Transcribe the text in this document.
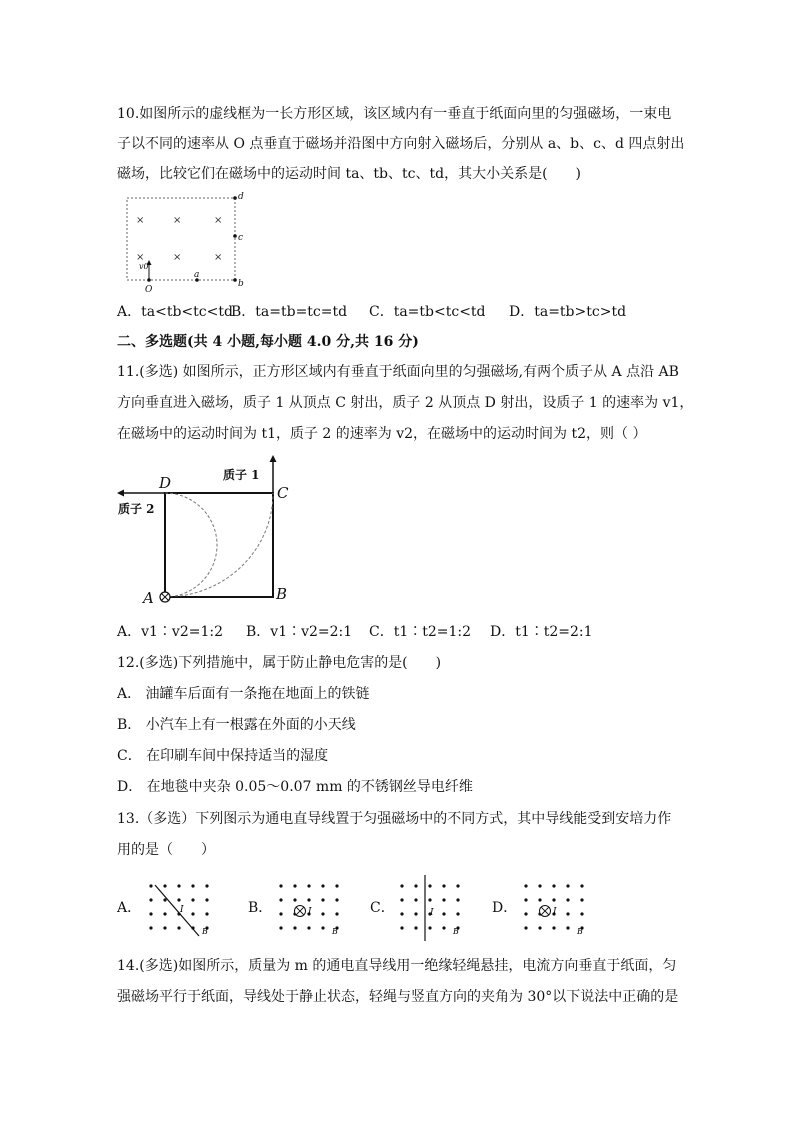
10.如图所示的虚线框为一长方形区域，该区域内有一垂直于纸面向里的匀强磁场，一束电
子以不同的速率从 O 点垂直于磁场并沿图中方向射入磁场后，分别从 a、b、c、d 四点射出
磁场，比较它们在磁场中的运动时间 ta、tb、tc、td，其大小关系是(　　)
×	×	×
×	×	×
d
c
b
a
O
v0
A．ta<tb<tc<td
B．ta=tb=tc=td C．ta=tb<tc<td D．ta=tb>tc>td
二、多选题(共 4 小题,每小题 4.0 分,共 16 分)
11.(多选) 如图所示，正方形区域内有垂直于纸面向里的匀强磁场,有两个质子从 A 点沿 AB
方向垂直进入磁场，质子 1 从顶点 C 射出，质子 2 从顶点 D 射出，设质子 1 的速率为 v1，
在磁场中的运动时间为 t1，质子 2 的速率为 v2，在磁场中的运动时间为 t2，则（ ）
D
C
B
A
质子 1
质子 2
A．v1∶v2=1:2 B．v1∶v2=2:1 C．t1∶t2=1:2 D．t1∶t2=2:1
12.(多选)下列措施中，属于防止静电危害的是(　　)
A． 油罐车后面有一条拖在地面上的铁链
B． 小汽车上有一根露在外面的小天线
C． 在印刷车间中保持适当的湿度
D． 在地毯中夹杂 0.05～0.07 mm 的不锈钢丝导电纤维
13.（多选）下列图示为通电直导线置于匀强磁场中的不同方式，其中导线能受到安培力作
用的是（　　）
A．	B．	C．	D．
I
B
I
B
I
B
I
B
14.(多选)如图所示，质量为 m 的通电直导线用一绝缘轻绳悬挂，电流方向垂直于纸面，匀
强磁场平行于纸面，导线处于静止状态，轻绳与竖直方向的夹角为 30°以下说法中正确的是
